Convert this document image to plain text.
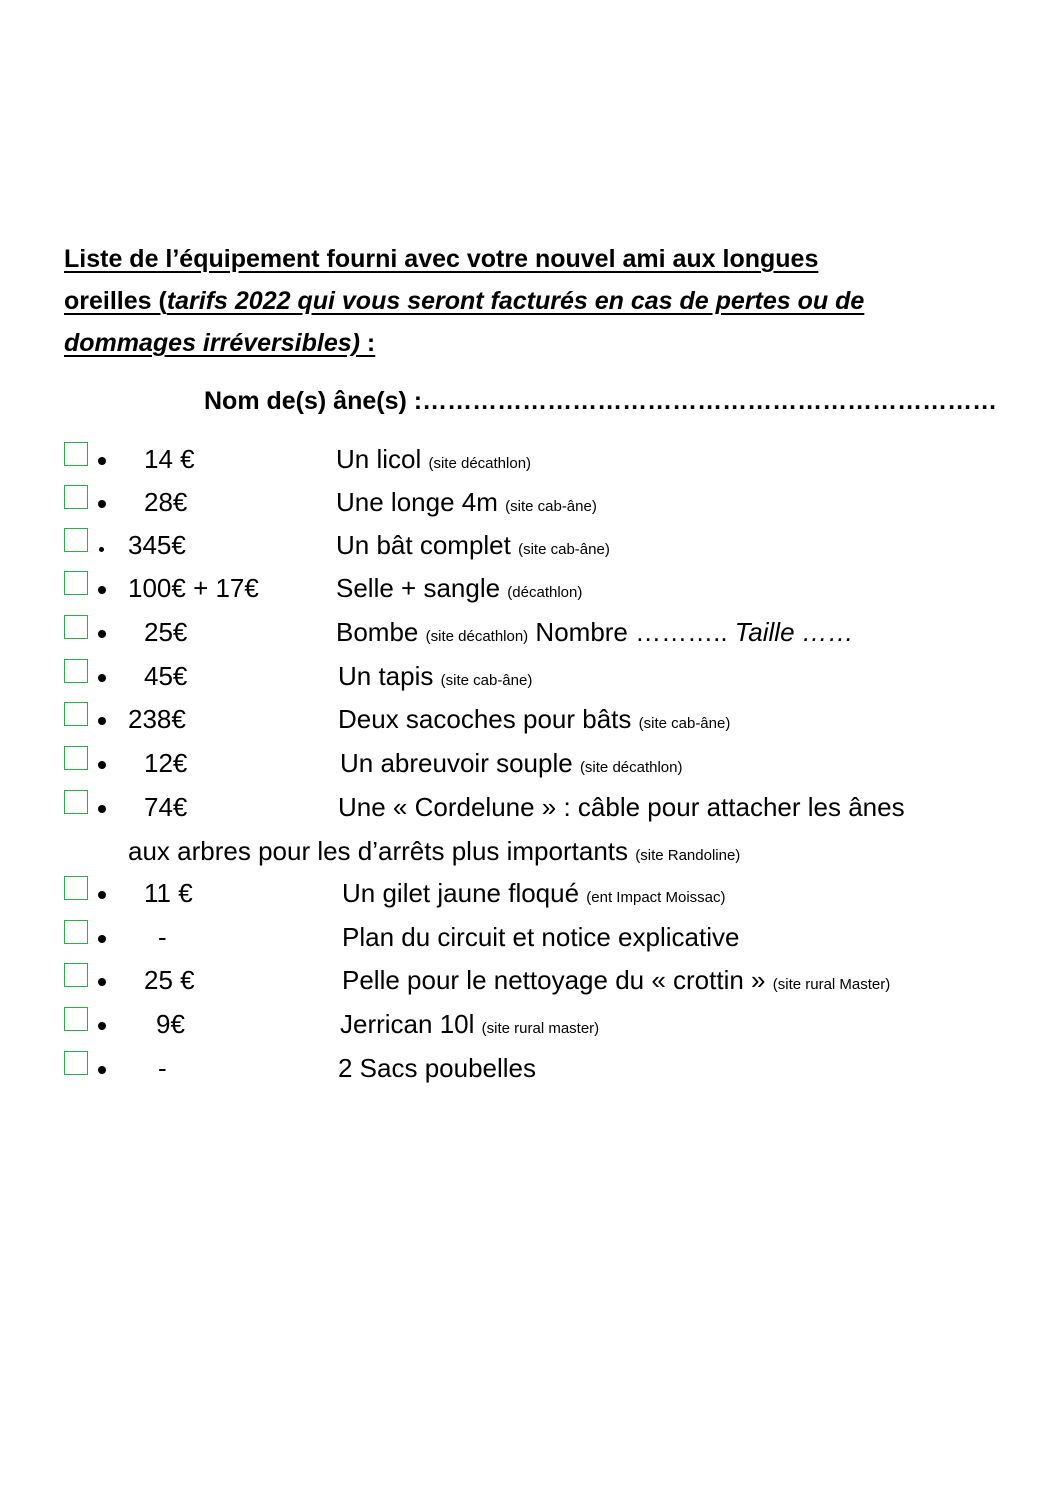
Liste de l’équipement fourni avec votre nouvel ami aux longues
oreilles (tarifs 2022 qui vous seront facturés en cas de pertes ou de
dommages irréversibles) :
Nom de(s) âne(s) :……………………………………………………………
14 €	Un licol (site décathlon)
28€	Une longe 4m (site cab-âne)
345€	Un bât complet (site cab-âne)
100€ + 17€	Selle + sangle (décathlon)
25€	Bombe (site décathlon) Nombre ……….. Taille ……
45€	Un tapis (site cab-âne)
238€	Deux sacoches pour bâts (site cab-âne)
12€	Un abreuvoir souple (site décathlon)
74€	Une « Cordelune » : câble pour attacher les ânes
aux arbres pour les d’arrêts plus importants (site Randoline)
11 €	Un gilet jaune floqué (ent Impact Moissac)
-	Plan du circuit et notice explicative
25 €	Pelle pour le nettoyage du « crottin » (site rural Master)
9€	Jerrican 10l (site rural master)
-	2 Sacs poubelles
